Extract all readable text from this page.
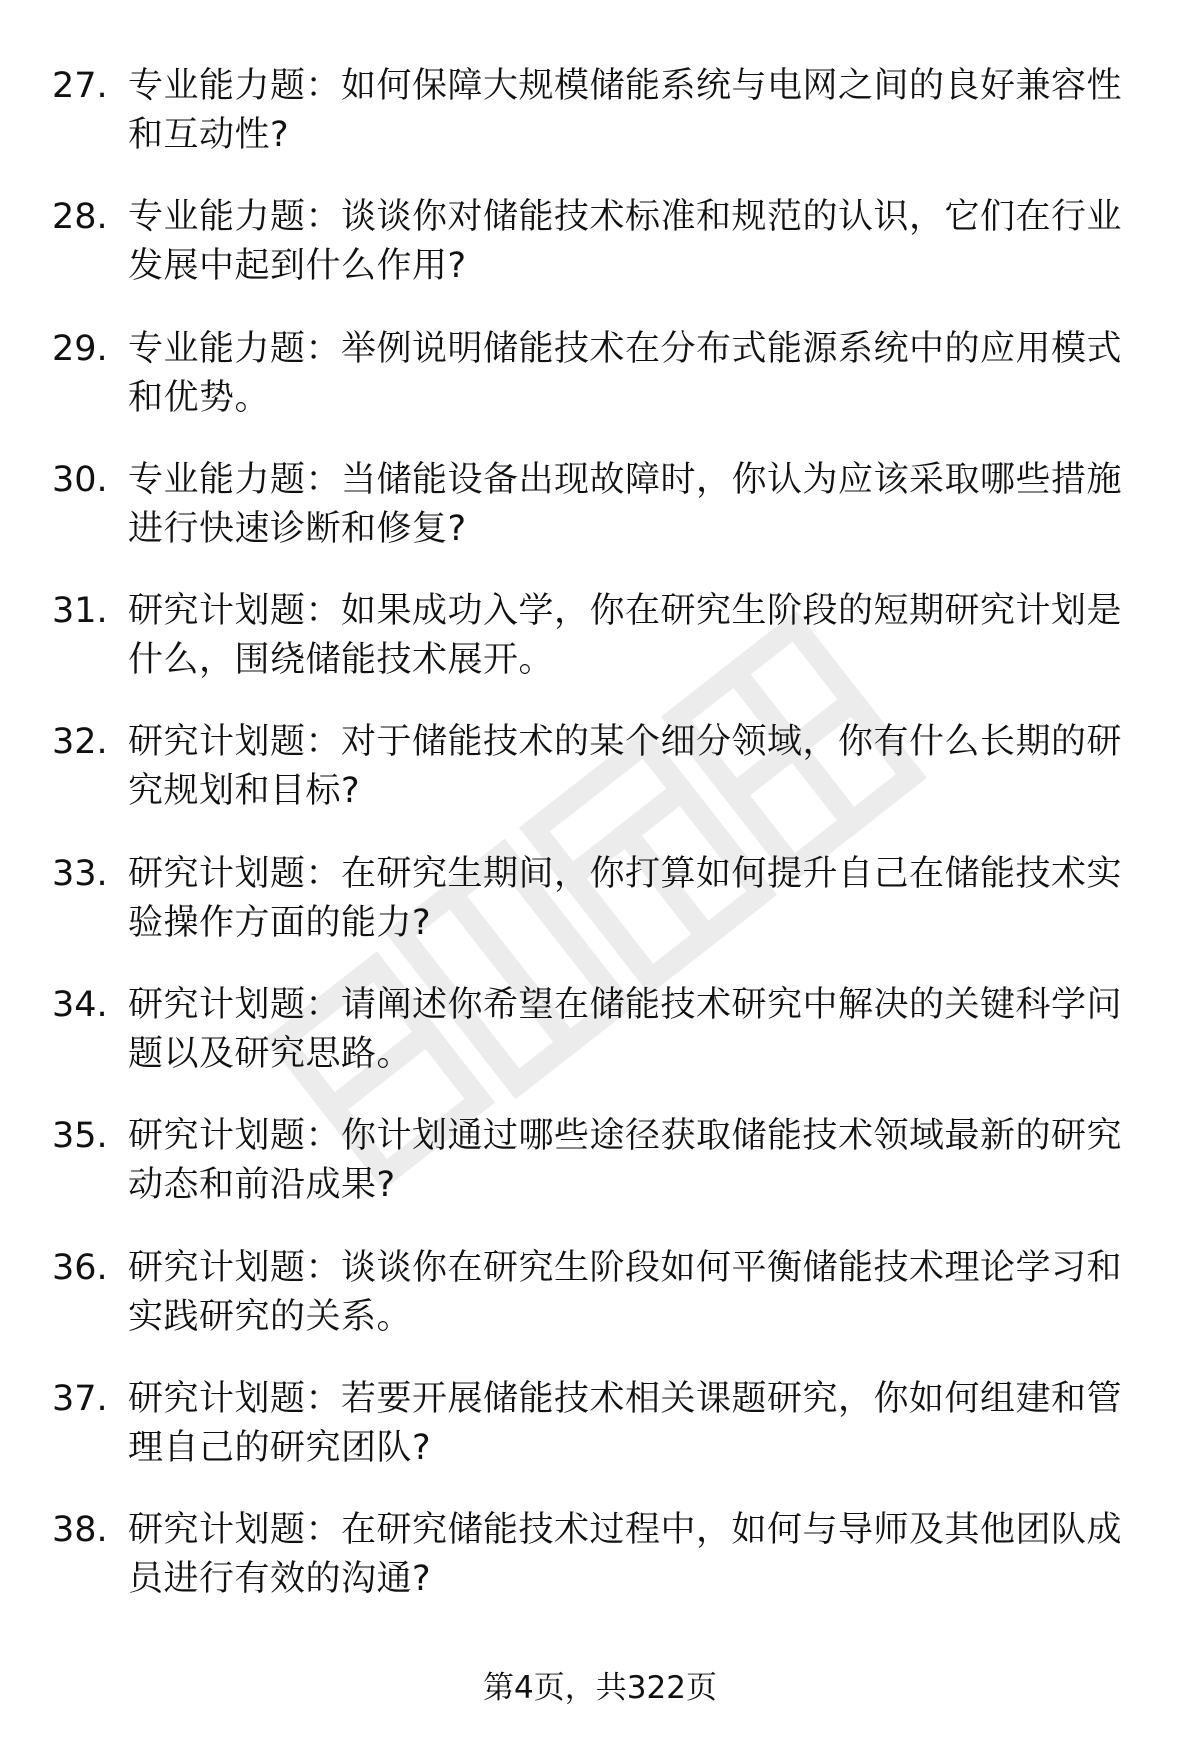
27. 专业能力题：如何保障大规模储能系统与电网之间的良好兼容性和互动性?
28. 专业能力题：谈谈你对储能技术标准和规范的认识，它们在行业发展中起到什么作用?
29. 专业能力题：举例说明储能技术在分布式能源系统中的应用模式和优势。
30. 专业能力题：当储能设备出现故障时，你认为应该采取哪些措施进行快速诊断和修复?
31. 研究计划题：如果成功入学，你在研究生阶段的短期研究计划是什么，围绕储能技术展开。
32. 研究计划题：对于储能技术的某个细分领域，你有什么长期的研究规划和目标?
33. 研究计划题：在研究生期间，你打算如何提升自己在储能技术实验操作方面的能力?
34. 研究计划题：请阐述你希望在储能技术研究中解决的关键科学问题以及研究思路。
35. 研究计划题：你计划通过哪些途径获取储能技术领域最新的研究动态和前沿成果?
36. 研究计划题：谈谈你在研究生阶段如何平衡储能技术理论学习和实践研究的关系。
37. 研究计划题：若要开展储能技术相关课题研究，你如何组建和管理自己的研究团队?
38. 研究计划题：在研究储能技术过程中，如何与导师及其他团队成员进行有效的沟通?
第4页，共322页
